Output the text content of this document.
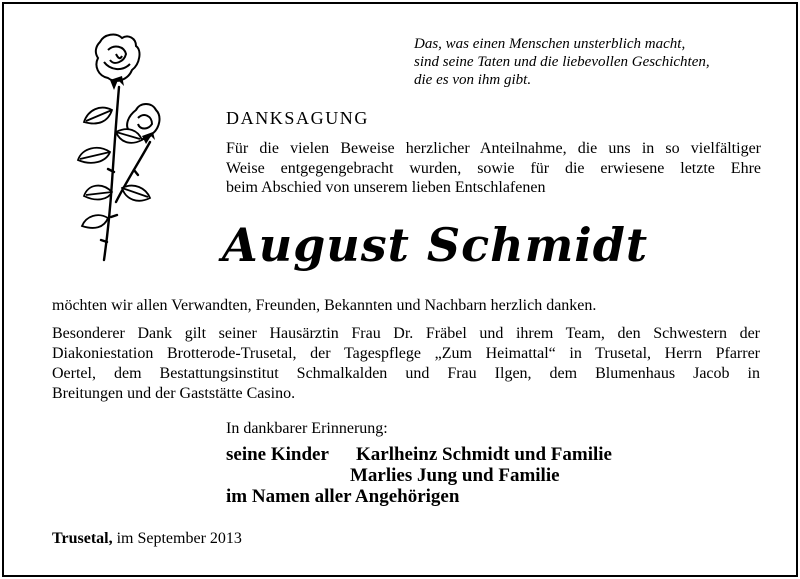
Das, was einen Menschen unsterblich macht,
sind seine Taten und die liebevollen Geschichten,
die es von ihm gibt.
DANKSAGUNG
Für die vielen Beweise herzlicher Anteilnahme, die uns in so vielfältiger
Weise entgegengebracht wurden, sowie für die erwiesene letzte Ehre
beim Abschied von unserem lieben Entschlafenen
August Schmidt
möchten wir allen Verwandten, Freunden, Bekannten und Nachbarn herzlich danken.
Besonderer Dank gilt seiner Hausärztin Frau Dr. Fräbel und ihrem Team, den Schwestern der
Diakoniestation Brotterode-Trusetal, der Tagespflege „Zum Heimattal“ in Trusetal, Herrn Pfarrer
Oertel, dem Bestattungsinstitut Schmalkalden und Frau Ilgen, dem Blumenhaus Jacob in
Breitungen und der Gaststätte Casino.
In dankbarer Erinnerung:
seine Kinder Karlheinz Schmidt und Familie
Marlies Jung und Familie
im Namen aller Angehörigen
Trusetal, im September 2013
